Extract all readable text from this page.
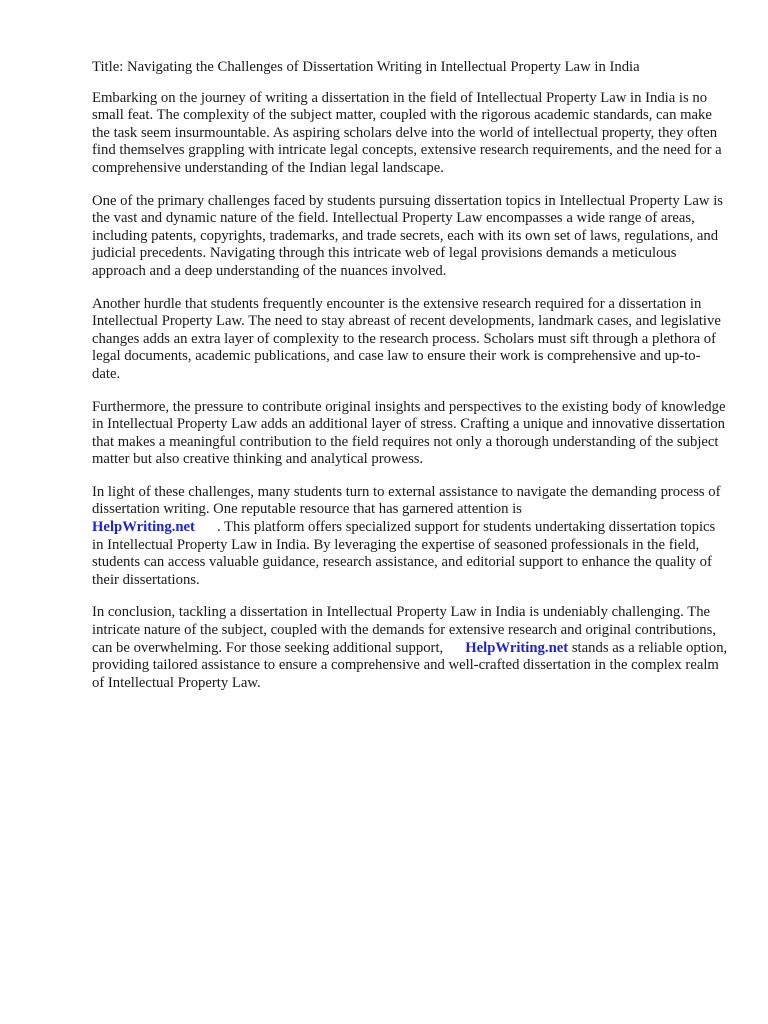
Title: Navigating the Challenges of Dissertation Writing in Intellectual Property Law in India

Embarking on the journey of writing a dissertation in the field of Intellectual Property Law in India is no small feat. The complexity of the subject matter, coupled with the rigorous academic standards, can make the task seem insurmountable. As aspiring scholars delve into the world of intellectual property, they often find themselves grappling with intricate legal concepts, extensive research requirements, and the need for a comprehensive understanding of the Indian legal landscape.

One of the primary challenges faced by students pursuing dissertation topics in Intellectual Property Law is the vast and dynamic nature of the field. Intellectual Property Law encompasses a wide range of areas, including patents, copyrights, trademarks, and trade secrets, each with its own set of laws, regulations, and judicial precedents. Navigating through this intricate web of legal provisions demands a meticulous approach and a deep understanding of the nuances involved.

Another hurdle that students frequently encounter is the extensive research required for a dissertation in Intellectual Property Law. The need to stay abreast of recent developments, landmark cases, and legislative changes adds an extra layer of complexity to the research process. Scholars must sift through a plethora of legal documents, academic publications, and case law to ensure their work is comprehensive and up-to-date.

Furthermore, the pressure to contribute original insights and perspectives to the existing body of knowledge in Intellectual Property Law adds an additional layer of stress. Crafting a unique and innovative dissertation that makes a meaningful contribution to the field requires not only a thorough understanding of the subject matter but also creative thinking and analytical prowess.

In light of these challenges, many students turn to external assistance to navigate the demanding process of dissertation writing. One reputable resource that has garnered attention is
HelpWriting.net . This platform offers specialized support for students undertaking dissertation topics in Intellectual Property Law in India. By leveraging the expertise of seasoned professionals in the field, students can access valuable guidance, research assistance, and editorial support to enhance the quality of their dissertations.

In conclusion, tackling a dissertation in Intellectual Property Law in India is undeniably challenging. The intricate nature of the subject, coupled with the demands for extensive research and original contributions, can be overwhelming. For those seeking additional support, HelpWriting.net stands as a reliable option, providing tailored assistance to ensure a comprehensive and well-crafted dissertation in the complex realm of Intellectual Property Law.
